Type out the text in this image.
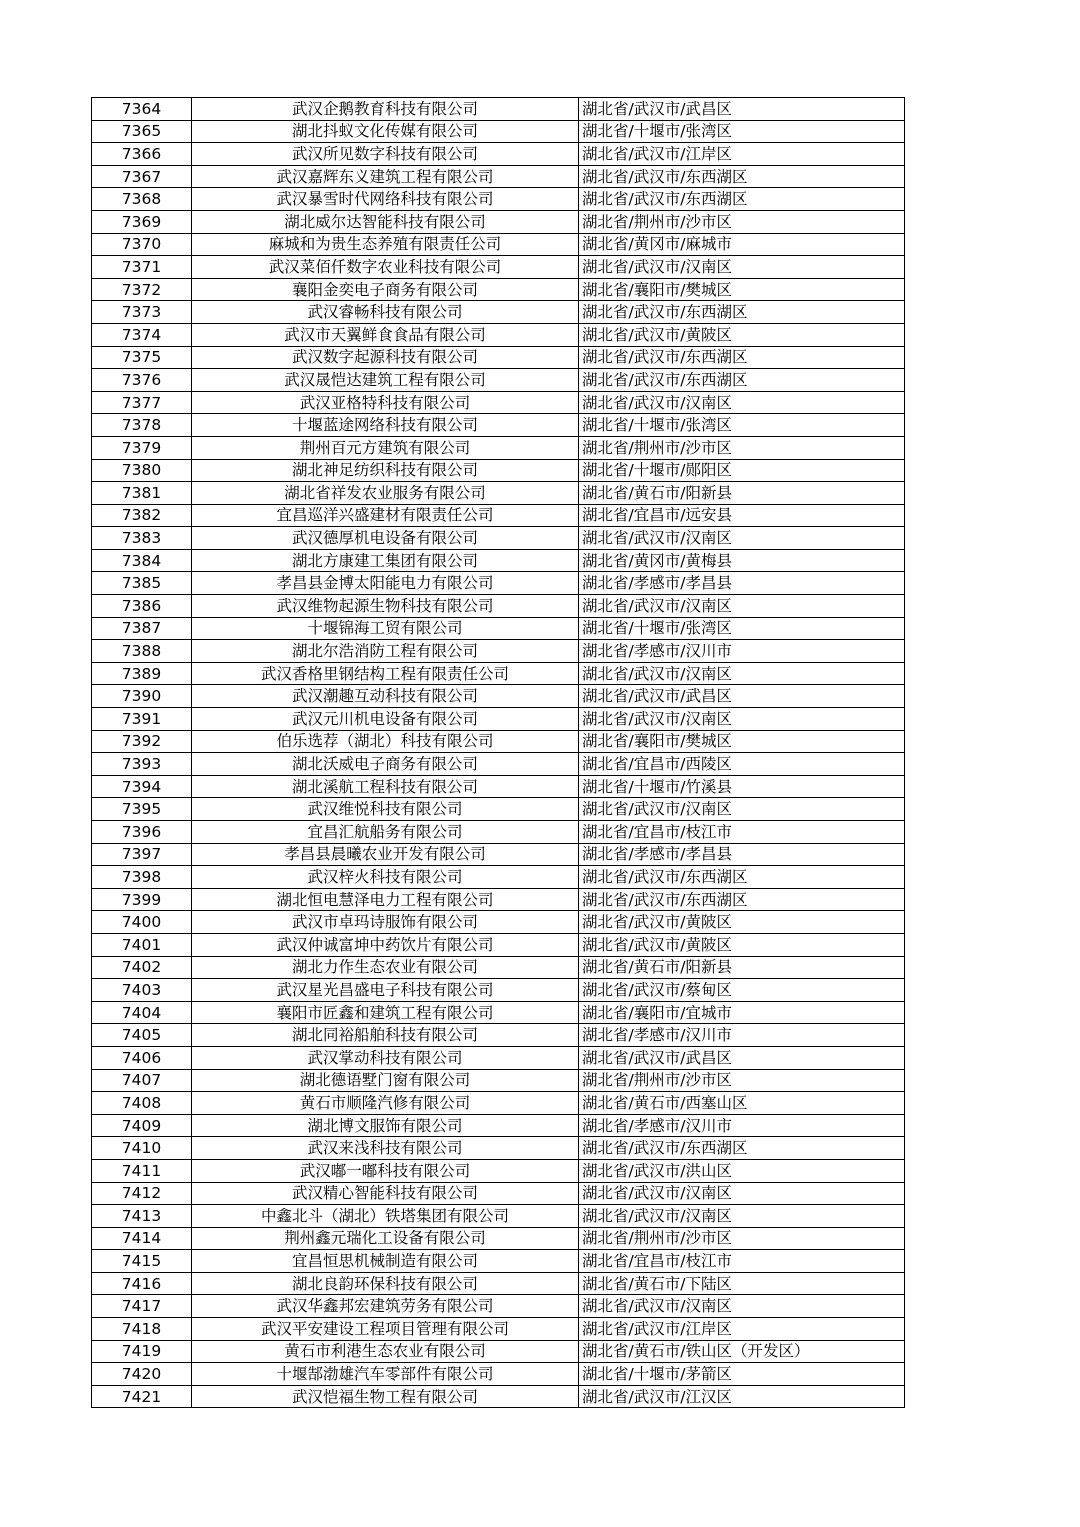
7364	武汉企鹅教育科技有限公司	湖北省/武汉市/武昌区
7365	湖北抖蚁文化传媒有限公司	湖北省/十堰市/张湾区
7366	武汉所见数字科技有限公司	湖北省/武汉市/江岸区
7367	武汉嘉辉东义建筑工程有限公司	湖北省/武汉市/东西湖区
7368	武汉暴雪时代网络科技有限公司	湖北省/武汉市/东西湖区
7369	湖北威尔达智能科技有限公司	湖北省/荆州市/沙市区
7370	麻城和为贵生态养殖有限责任公司	湖北省/黄冈市/麻城市
7371	武汉菜佰仟数字农业科技有限公司	湖北省/武汉市/汉南区
7372	襄阳金奕电子商务有限公司	湖北省/襄阳市/樊城区
7373	武汉睿畅科技有限公司	湖北省/武汉市/东西湖区
7374	武汉市天翼鲜食食品有限公司	湖北省/武汉市/黄陂区
7375	武汉数字起源科技有限公司	湖北省/武汉市/东西湖区
7376	武汉晟恺达建筑工程有限公司	湖北省/武汉市/东西湖区
7377	武汉亚格特科技有限公司	湖北省/武汉市/汉南区
7378	十堰蓝途网络科技有限公司	湖北省/十堰市/张湾区
7379	荆州百元方建筑有限公司	湖北省/荆州市/沙市区
7380	湖北神足纺织科技有限公司	湖北省/十堰市/郧阳区
7381	湖北省祥发农业服务有限公司	湖北省/黄石市/阳新县
7382	宜昌巡洋兴盛建材有限责任公司	湖北省/宜昌市/远安县
7383	武汉德厚机电设备有限公司	湖北省/武汉市/汉南区
7384	湖北方康建工集团有限公司	湖北省/黄冈市/黄梅县
7385	孝昌县金博太阳能电力有限公司	湖北省/孝感市/孝昌县
7386	武汉维物起源生物科技有限公司	湖北省/武汉市/汉南区
7387	十堰锦海工贸有限公司	湖北省/十堰市/张湾区
7388	湖北尔浩消防工程有限公司	湖北省/孝感市/汉川市
7389	武汉香格里钢结构工程有限责任公司	湖北省/武汉市/汉南区
7390	武汉潮趣互动科技有限公司	湖北省/武汉市/武昌区
7391	武汉元川机电设备有限公司	湖北省/武汉市/汉南区
7392	伯乐选荐（湖北）科技有限公司	湖北省/襄阳市/樊城区
7393	湖北沃威电子商务有限公司	湖北省/宜昌市/西陵区
7394	湖北溪航工程科技有限公司	湖北省/十堰市/竹溪县
7395	武汉维悦科技有限公司	湖北省/武汉市/汉南区
7396	宜昌汇航船务有限公司	湖北省/宜昌市/枝江市
7397	孝昌县晨曦农业开发有限公司	湖北省/孝感市/孝昌县
7398	武汉梓火科技有限公司	湖北省/武汉市/东西湖区
7399	湖北恒电慧泽电力工程有限公司	湖北省/武汉市/东西湖区
7400	武汉市卓玛诗服饰有限公司	湖北省/武汉市/黄陂区
7401	武汉仲诚富坤中药饮片有限公司	湖北省/武汉市/黄陂区
7402	湖北力作生态农业有限公司	湖北省/黄石市/阳新县
7403	武汉星光昌盛电子科技有限公司	湖北省/武汉市/蔡甸区
7404	襄阳市匠鑫和建筑工程有限公司	湖北省/襄阳市/宜城市
7405	湖北同裕船舶科技有限公司	湖北省/孝感市/汉川市
7406	武汉掌动科技有限公司	湖北省/武汉市/武昌区
7407	湖北德语墅门窗有限公司	湖北省/荆州市/沙市区
7408	黄石市顺隆汽修有限公司	湖北省/黄石市/西塞山区
7409	湖北博文服饰有限公司	湖北省/孝感市/汉川市
7410	武汉来浅科技有限公司	湖北省/武汉市/东西湖区
7411	武汉嘟一嘟科技有限公司	湖北省/武汉市/洪山区
7412	武汉精心智能科技有限公司	湖北省/武汉市/汉南区
7413	中鑫北斗（湖北）铁塔集团有限公司	湖北省/武汉市/汉南区
7414	荆州鑫元瑞化工设备有限公司	湖北省/荆州市/沙市区
7415	宜昌恒思机械制造有限公司	湖北省/宜昌市/枝江市
7416	湖北良韵环保科技有限公司	湖北省/黄石市/下陆区
7417	武汉华鑫邦宏建筑劳务有限公司	湖北省/武汉市/汉南区
7418	武汉平安建设工程项目管理有限公司	湖北省/武汉市/江岸区
7419	黄石市利港生态农业有限公司	湖北省/黄石市/铁山区（开发区）
7420	十堰郜渤雄汽车零部件有限公司	湖北省/十堰市/茅箭区
7421	武汉恺福生物工程有限公司	湖北省/武汉市/江汉区
